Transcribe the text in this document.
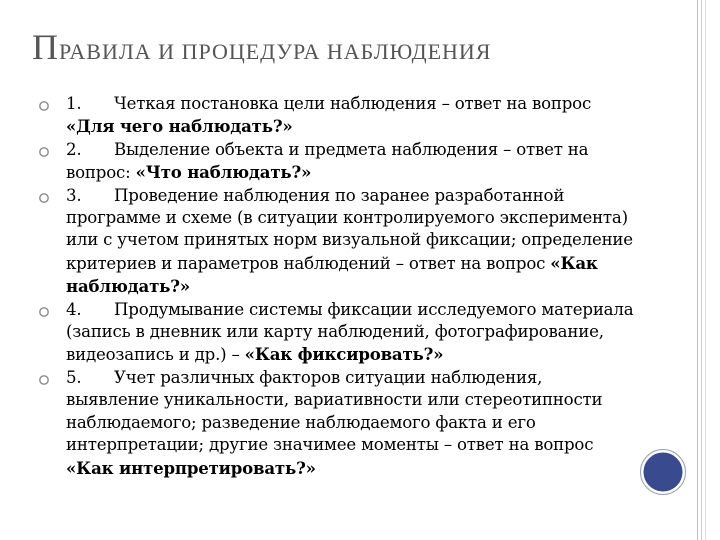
ПРАВИЛА И ПРОЦЕДУРА НАБЛЮДЕНИЯ
1. Четкая постановка цели наблюдения – ответ на вопрос «Для чего наблюдать?»
2. Выделение объекта и предмета наблюдения – ответ на вопрос: «Что наблюдать?»
3. Проведение наблюдения по заранее разработанной программе и схеме (в ситуации контролируемого эксперимента) или с учетом принятых норм визуальной фиксации; определение критериев и параметров наблюдений – ответ на вопрос «Как наблюдать?»
4. Продумывание системы фиксации исследуемого материала (запись в дневник или карту наблюдений, фотографирование, видеозапись и др.) – «Как фиксировать?»
5. Учет различных факторов ситуации наблюдения, выявление уникальности, вариативности или стереотипности наблюдаемого; разведение наблюдаемого факта и его интерпретации; другие значимее моменты – ответ на вопрос «Как интерпретировать?»
